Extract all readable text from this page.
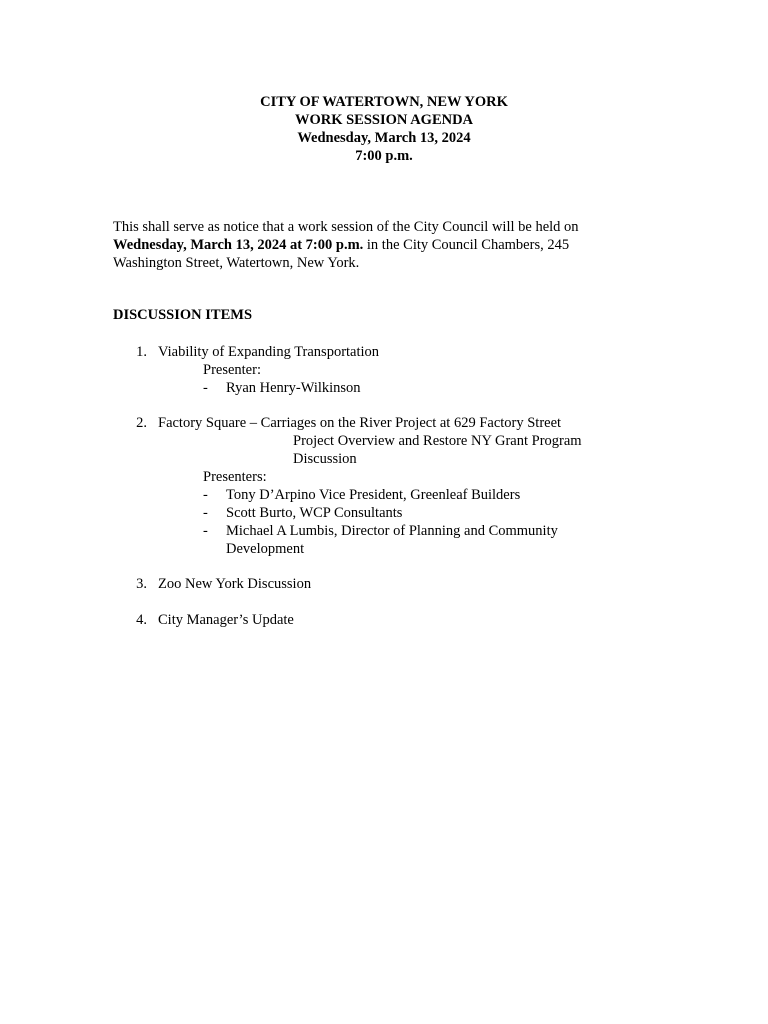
CITY OF WATERTOWN, NEW YORK
WORK SESSION AGENDA
Wednesday, March 13, 2024
7:00 p.m.
This shall serve as notice that a work session of the City Council will be held on Wednesday, March 13, 2024 at 7:00 p.m. in the City Council Chambers, 245 Washington Street, Watertown, New York.
DISCUSSION ITEMS
1. Viability of Expanding Transportation
Presenter:
- Ryan Henry-Wilkinson
2. Factory Square – Carriages on the River Project at 629 Factory Street
Project Overview and Restore NY Grant Program
Discussion
Presenters:
- Tony D’Arpino Vice President, Greenleaf Builders
- Scott Burto, WCP Consultants
- Michael A Lumbis, Director of Planning and Community
Development
3. Zoo New York Discussion
4. City Manager’s Update
